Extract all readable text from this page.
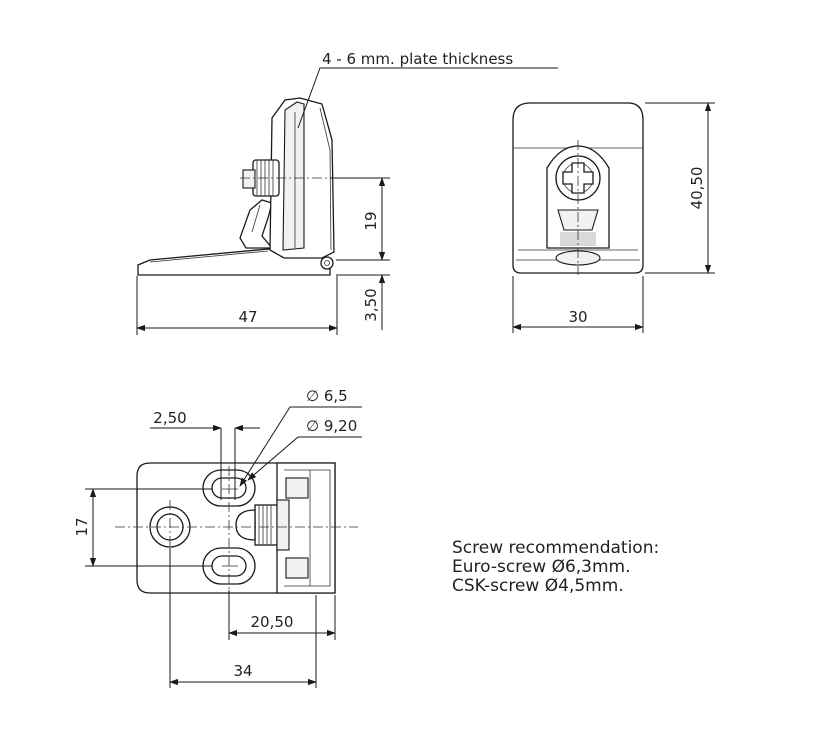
4 - 6 mm. plate thickness
19
3,50
47
40,50
30
∅ 6,5
∅ 9,20
2,50
17
20,50
34
Screw recommendation:
Euro-screw Ø6,3mm.
CSK-screw Ø4,5mm.
